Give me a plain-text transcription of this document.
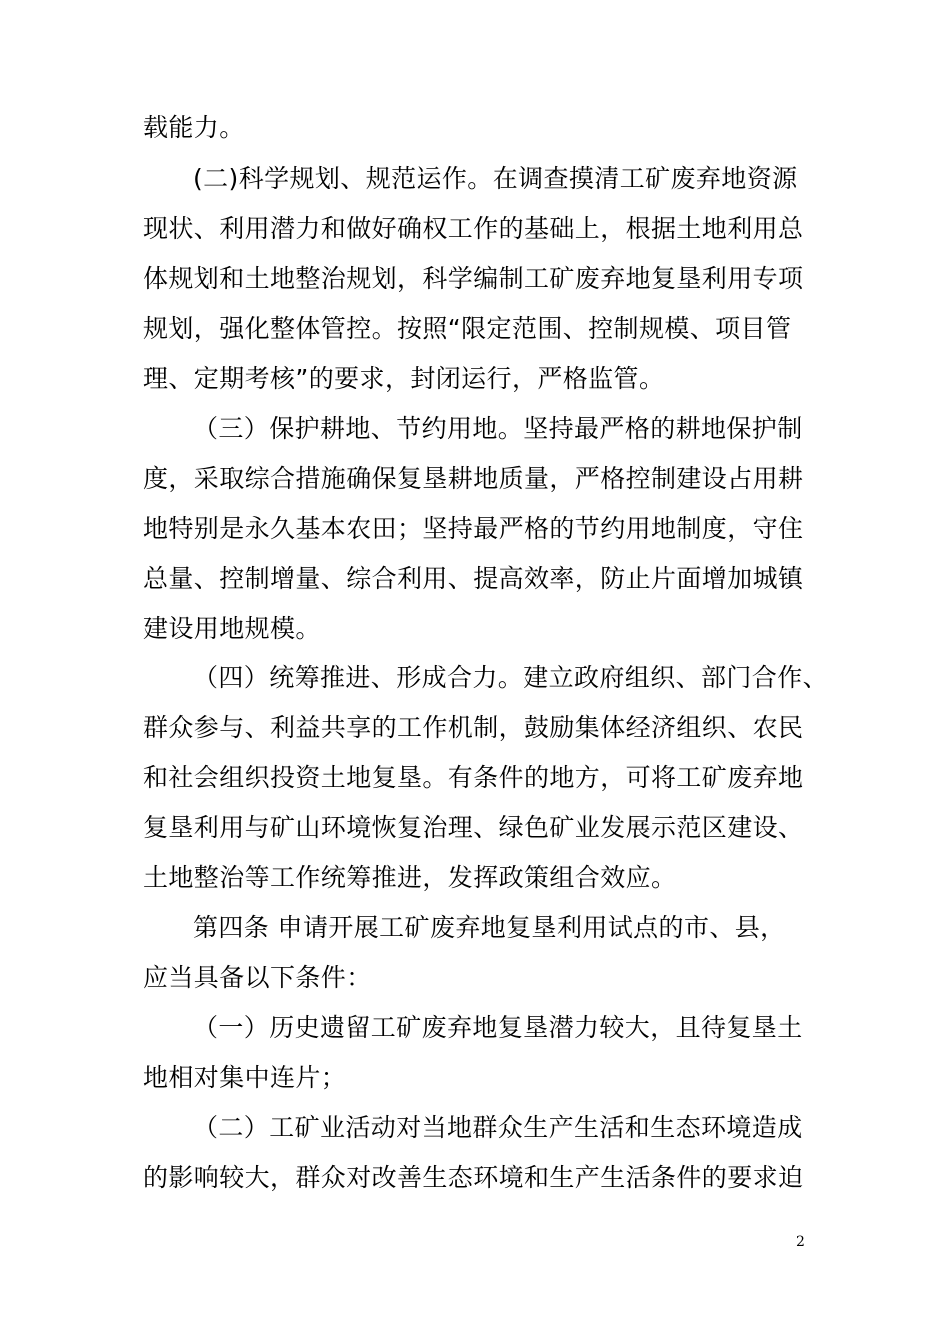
载能力。
(二)科学规划、规范运作。在调查摸清工矿废弃地资源
现状、利用潜力和做好确权工作的基础上，根据土地利用总
体规划和土地整治规划，科学编制工矿废弃地复垦利用专项
规划，强化整体管控。按照“限定范围、控制规模、项目管
理、定期考核”的要求，封闭运行，严格监管。
（三）保护耕地、节约用地。坚持最严格的耕地保护制
度，采取综合措施确保复垦耕地质量，严格控制建设占用耕
地特别是永久基本农田；坚持最严格的节约用地制度，守住
总量、控制增量、综合利用、提高效率，防止片面增加城镇
建设用地规模。
（四）统筹推进、形成合力。建立政府组织、部门合作、
群众参与、利益共享的工作机制，鼓励集体经济组织、农民
和社会组织投资土地复垦。有条件的地方，可将工矿废弃地
复垦利用与矿山环境恢复治理、绿色矿业发展示范区建设、
土地整治等工作统筹推进，发挥政策组合效应。
第四条 申请开展工矿废弃地复垦利用试点的市、县，
应当具备以下条件：
（一）历史遗留工矿废弃地复垦潜力较大，且待复垦土
地相对集中连片；
（二）工矿业活动对当地群众生产生活和生态环境造成
的影响较大，群众对改善生态环境和生产生活条件的要求迫
2
